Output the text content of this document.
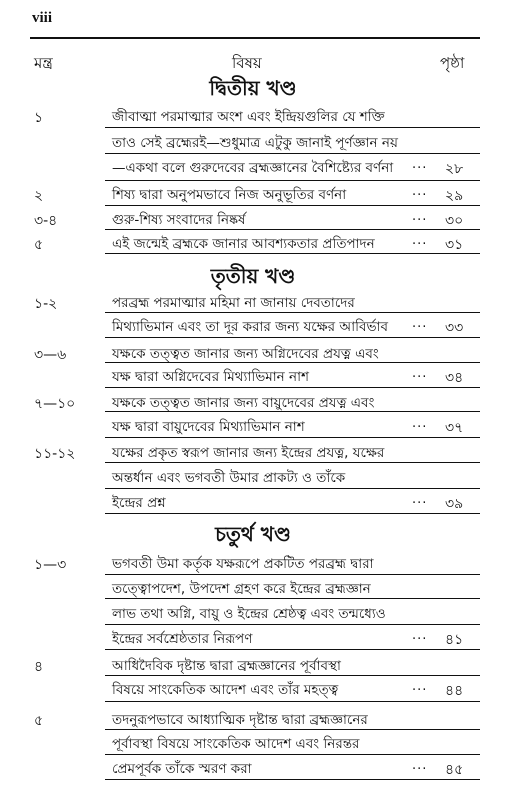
viii
মন্ত্র	বিষয়	পৃষ্ঠা
দ্বিতীয় খণ্ড
১	জীবাত্মা পরমাত্মার অংশ এবং ইন্দ্রিয়গুলির যে শক্তি
তাও সেই ব্রহ্মেরই—শুধুমাত্র এটুকু জানাই পূর্ণজ্ঞান নয়
—একথা বলে গুরুদেবের ব্রহ্মজ্ঞানের বৈশিষ্ট্যের বর্ণনা ... ২৮
২	শিষ্য দ্বারা অনুপমভাবে নিজ অনুভূতির বর্ণনা	... ২৯
৩-৪	গুরু-শিষ্য সংবাদের নিষ্কর্ষ	... ৩০
৫	এই জন্মেই ব্রহ্মকে জানার আবশ্যকতার প্রতিপাদন	... ৩১
তৃতীয় খণ্ড
১-২	পরব্রহ্ম পরমাত্মার মহিমা না জানায় দেবতাদের
মিথ্যাভিমান এবং তা দূর করার জন্য যক্ষের আবির্ভাব ... ৩৩
৩—৬	যক্ষকে তত্ত্বত জানার জন্য অগ্নিদেবের প্রযত্ন এবং
যক্ষ দ্বারা অগ্নিদেবের মিথ্যাভিমান নাশ	... ৩৪
৭—১০	যক্ষকে তত্ত্বত জানার জন্য বায়ুদেবের প্রযত্ন এবং
যক্ষ দ্বারা বায়ুদেবের মিথ্যাভিমান নাশ	... ৩৭
১১-১২	যক্ষের প্রকৃত স্বরূপ জানার জন্য ইন্দ্রের প্রযত্ন, যক্ষের
অন্তর্ধান এবং ভগবতী উমার প্রাকট্য ও তাঁকে
ইন্দ্রের প্রশ্ন	... ৩৯
চতুর্থ খণ্ড
১—৩	ভগবতী উমা কর্তৃক যক্ষরূপে প্রকটিত পরব্রহ্ম দ্বারা
তত্ত্বোপদেশ, উপদেশ গ্রহণ করে ইন্দ্রের ব্রহ্মজ্ঞান
লাভ তথা অগ্নি, বায়ু ও ইন্দ্রের শ্রেষ্ঠত্ব এবং তন্মধ্যেও
ইন্দ্রের সর্বশ্রেষ্ঠতার নিরূপণ	... ৪১
৪	আধিদৈবিক দৃষ্টান্ত দ্বারা ব্রহ্মজ্ঞানের পূর্বাবস্থা
বিষয়ে সাংকেতিক আদেশ এবং তাঁর মহত্ত্ব	... ৪৪
৫	তদনুরূপভাবে আধ্যাত্মিক দৃষ্টান্ত দ্বারা ব্রহ্মজ্ঞানের
পূর্বাবস্থা বিষয়ে সাংকেতিক আদেশ এবং নিরন্তর
প্রেমপূর্বক তাঁকে স্মরণ করা	... ৪৫
